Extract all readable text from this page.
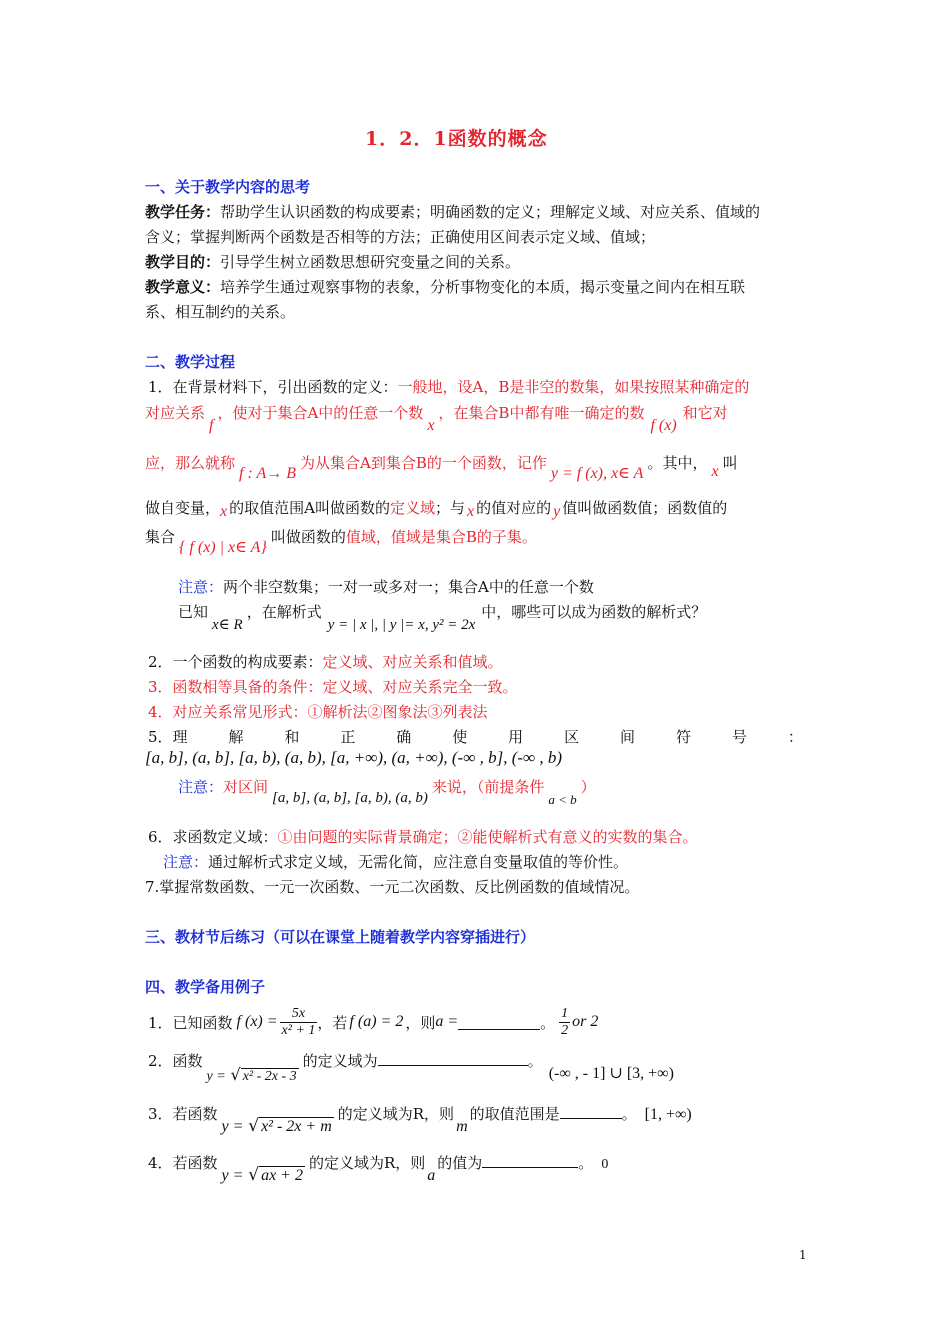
1．2．1函数的概念
一、关于教学内容的思考
教学任务：帮助学生认识函数的构成要素；明确函数的定义；理解定义域、对应关系、值域的
含义；掌握判断两个函数是否相等的方法；正确使用区间表示定义域、值域；
教学目的：引导学生树立函数思想研究变量之间的关系。
教学意义：培养学生通过观察事物的表象，分析事物变化的本质，揭示变量之间内在相互联
系、相互制约的关系。
二、教学过程
1．在背景材料下，引出函数的定义：一般地，设A，B是非空的数集，如果按照某种确定的
对应关系f，使对于集合A中的任意一个数x，在集合B中都有唯一确定的数f (x)和它对
应，那么就称f : A→ B为从集合A到集合B的一个函数，记作y = f (x), x∈ A。其中， x 叫
做自变量，x 的取值范围A叫做函数的定义域；与 x 的值对应的 y 值叫做函数值；函数值的
集合{ f (x) | x∈ A}叫做函数的值域，值域是集合B的子集。
注意：两个非空数集；一对一或多对一；集合A中的任意一个数
已知x∈ R，在解析式y = | x |, | y |= x, y² = 2x中，哪些可以成为函数的解析式？
2．一个函数的构成要素：定义域、对应关系和值域。
3．函数相等具备的条件：定义域、对应关系完全一致。
4．对应关系常见形式：①解析法②图象法③列表法
5．理	解	和	正	确	使	用	区	间	符	号	：
[a, b], (a, b], [a, b), (a, b), [a, +∞), (a, +∞), (-∞ , b], (-∞ , b)
注意：对区间[a, b], (a, b], [a, b), (a, b)来说，（前提条件a < b）
6．求函数定义域：①由问题的实际背景确定；②能使解析式有意义的实数的集合。
注意：通过解析式求定义域，无需化简，应注意自变量取值的等价性。
7.掌握常数函数、一元一次函数、一元二次函数、反比例函数的值域情况。
三、教材节后练习（可以在课堂上随着教学内容穿插进行）
四、教学备用例子
1．已知函数 f $(x) = \frac{5x}{\text{x² + 1}}$ ，若 f (a) = 2 ，则 a =	。 $\frac{1}{2}$ or 2
2．函数y = √ x² - 2x - 3的定义域为	。(-∞ , - 1] ∪ [3, +∞)
3．若函数y = √ x² - 2x + m的定义域为R，则m的取值范围是	。 [1, +∞)
4．若函数y = √ ax + 2的定义域为R，则a的值为	。 0
1
